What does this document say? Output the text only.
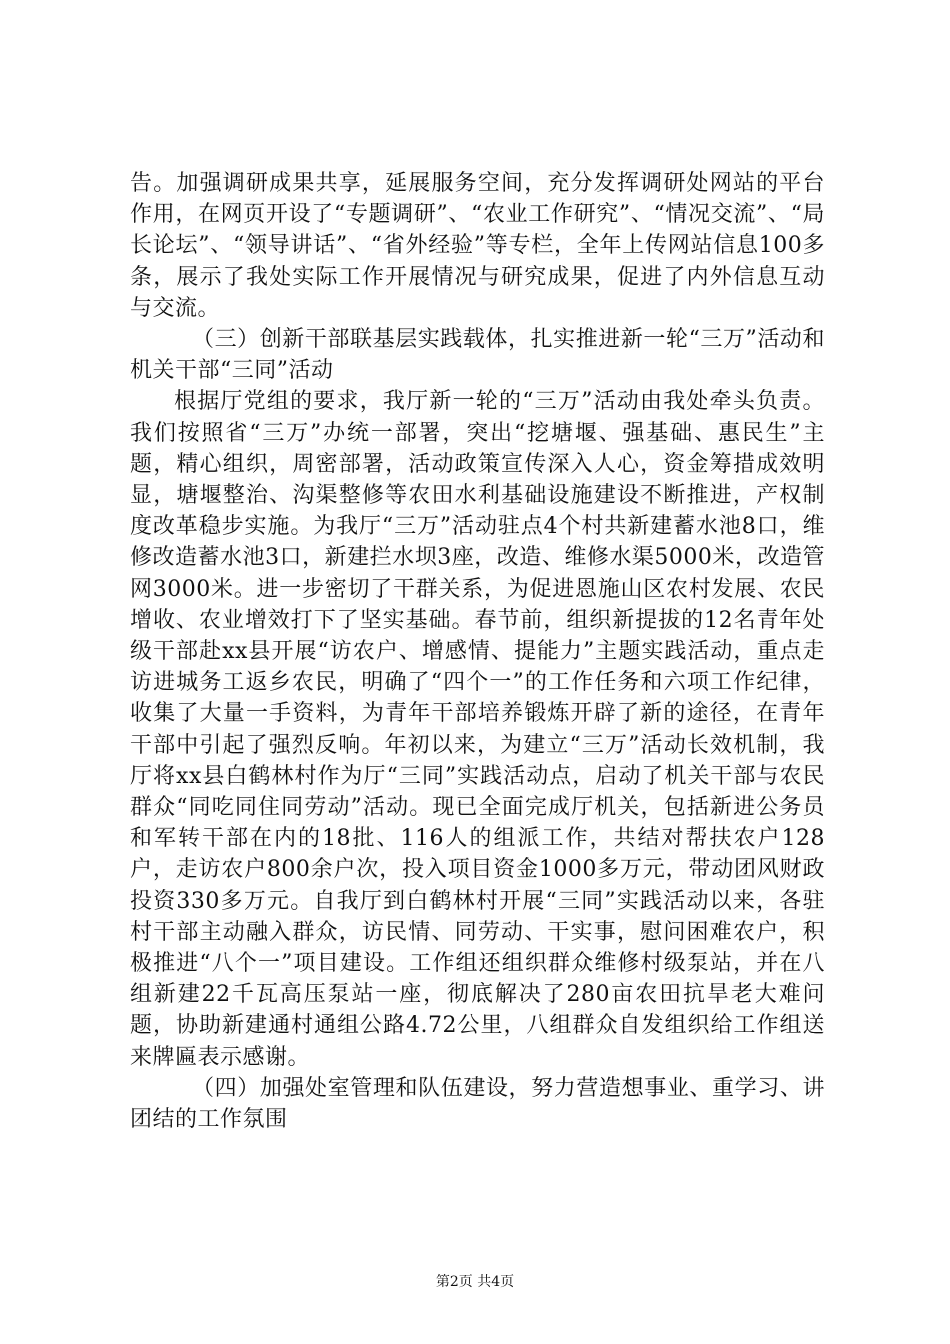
告。加强调研成果共享，延展服务空间，充分发挥调研处网站的平台作用，在网页开设了“专题调研”、“农业工作研究”、“情况交流”、“局长论坛”、“领导讲话”、“省外经验”等专栏，全年上传网站信息100多条，展示了我处实际工作开展情况与研究成果，促进了内外信息互动与交流。

（三）创新干部联基层实践载体，扎实推进新一轮“三万”活动和机关干部“三同”活动

根据厅党组的要求，我厅新一轮的“三万”活动由我处牵头负责。我们按照省“三万”办统一部署，突出“挖塘堰、强基础、惠民生”主题，精心组织，周密部署，活动政策宣传深入人心，资金筹措成效明显，塘堰整治、沟渠整修等农田水利基础设施建设不断推进，产权制度改革稳步实施。为我厅“三万”活动驻点4个村共新建蓄水池8口，维修改造蓄水池3口，新建拦水坝3座，改造、维修水渠5000米，改造管网3000米。进一步密切了干群关系，为促进恩施山区农村发展、农民增收、农业增效打下了坚实基础。春节前，组织新提拔的12名青年处级干部赴xx县开展“访农户、增感情、提能力”主题实践活动，重点走访进城务工返乡农民，明确了“四个一”的工作任务和六项工作纪律，收集了大量一手资料，为青年干部培养锻炼开辟了新的途径，在青年干部中引起了强烈反响。年初以来，为建立“三万”活动长效机制，我厅将xx县白鹤林村作为厅“三同”实践活动点，启动了机关干部与农民群众“同吃同住同劳动”活动。现已全面完成厅机关，包括新进公务员和军转干部在内的18批、116人的组派工作，共结对帮扶农户128户，走访农户800余户次，投入项目资金1000多万元，带动团风财政投资330多万元。自我厅到白鹤林村开展“三同”实践活动以来，各驻村干部主动融入群众，访民情、同劳动、干实事，慰问困难农户，积极推进“八个一”项目建设。工作组还组织群众维修村级泵站，并在八组新建22千瓦高压泵站一座，彻底解决了280亩农田抗旱老大难问题，协助新建通村通组公路4.72公里，八组群众自发组织给工作组送来牌匾表示感谢。

（四）加强处室管理和队伍建设，努力营造想事业、重学习、讲团结的工作氛围

第2页 共4页
